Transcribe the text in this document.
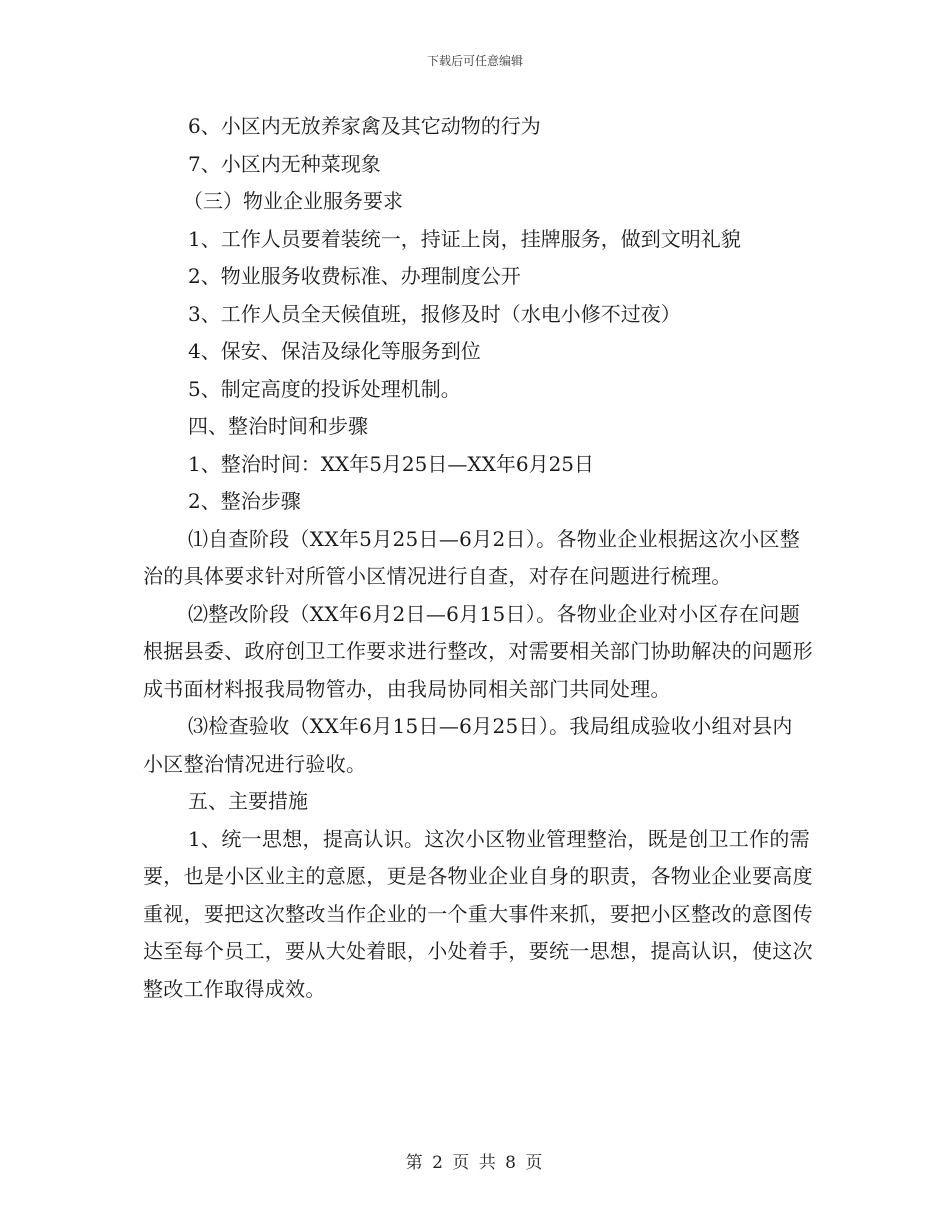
下载后可任意编辑

6、小区内无放养家禽及其它动物的行为

7、小区内无种菜现象

（三）物业企业服务要求

1、工作人员要着装统一，持证上岗，挂牌服务，做到文明礼貌

2、物业服务收费标准、办理制度公开

3、工作人员全天候值班，报修及时（水电小修不过夜）

4、保安、保洁及绿化等服务到位

5、制定高度的投诉处理机制。

四、整治时间和步骤

1、整治时间：XX年5月25日—XX年6月25日

2、整治步骤

⑴自查阶段（XX年5月25日—6月2日）。各物业企业根据这次小区整治的具体要求针对所管小区情况进行自查，对存在问题进行梳理。

⑵整改阶段（XX年6月2日—6月15日）。各物业企业对小区存在问题根据县委、政府创卫工作要求进行整改，对需要相关部门协助解决的问题形成书面材料报我局物管办，由我局协同相关部门共同处理。

⑶检查验收（XX年6月15日—6月25日）。我局组成验收小组对县内小区整治情况进行验收。

五、主要措施

1、统一思想，提高认识。这次小区物业管理整治，既是创卫工作的需要，也是小区业主的意愿，更是各物业企业自身的职责，各物业企业要高度重视，要把这次整改当作企业的一个重大事件来抓，要把小区整改的意图传达至每个员工，要从大处着眼，小处着手，要统一思想，提高认识，使这次整改工作取得成效。

第 2 页 共 8 页
